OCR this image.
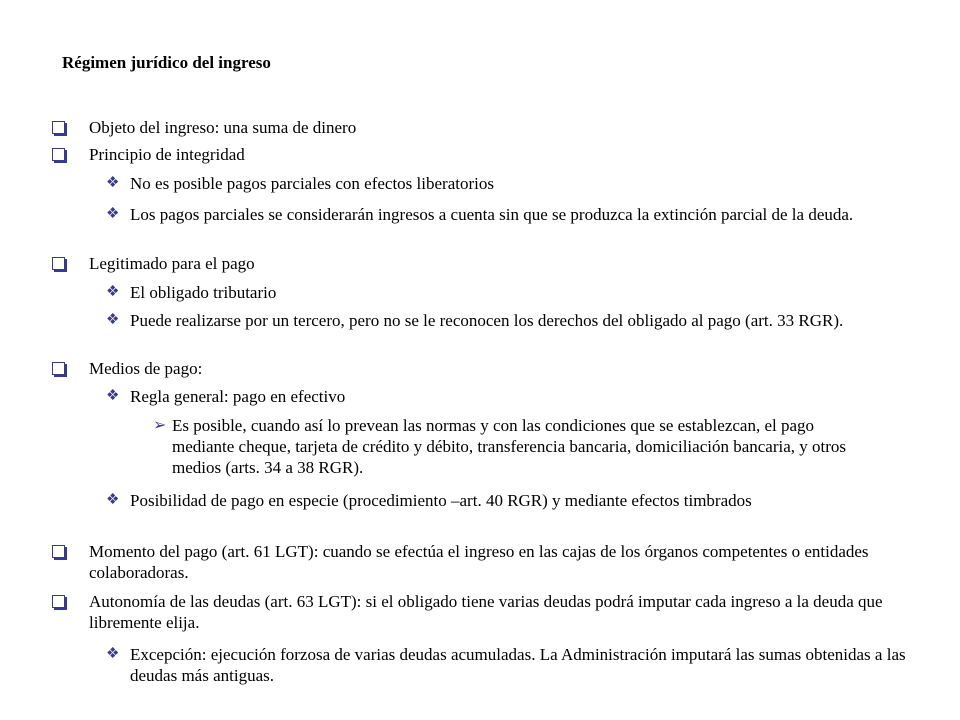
Régimen jurídico del ingreso
Objeto del ingreso: una suma de dinero
Principio de integridad
❖ No es posible pagos parciales con efectos liberatorios
❖ Los pagos parciales se considerarán ingresos a cuenta sin que se produzca la extinción parcial de la deuda.
Legitimado para el pago
❖ El obligado tributario
❖ Puede realizarse por un tercero, pero no se le reconocen los derechos del obligado al pago (art. 33 RGR).
Medios de pago:
❖ Regla general: pago en efectivo
➢ Es posible, cuando así lo prevean las normas y con las condiciones que se establezcan, el pago mediante cheque, tarjeta de crédito y débito, transferencia bancaria, domiciliación bancaria, y otros medios (arts. 34 a 38 RGR).
❖ Posibilidad de pago en especie (procedimiento –art. 40 RGR) y mediante efectos timbrados
Momento del pago (art. 61 LGT): cuando se efectúa el ingreso en las cajas de los órganos competentes o entidades colaboradoras.
Autonomía de las deudas (art. 63 LGT): si el obligado tiene varias deudas podrá imputar cada ingreso a la deuda que libremente elija.
❖ Excepción: ejecución forzosa de varias deudas acumuladas. La Administración imputará las sumas obtenidas a las deudas más antiguas.
